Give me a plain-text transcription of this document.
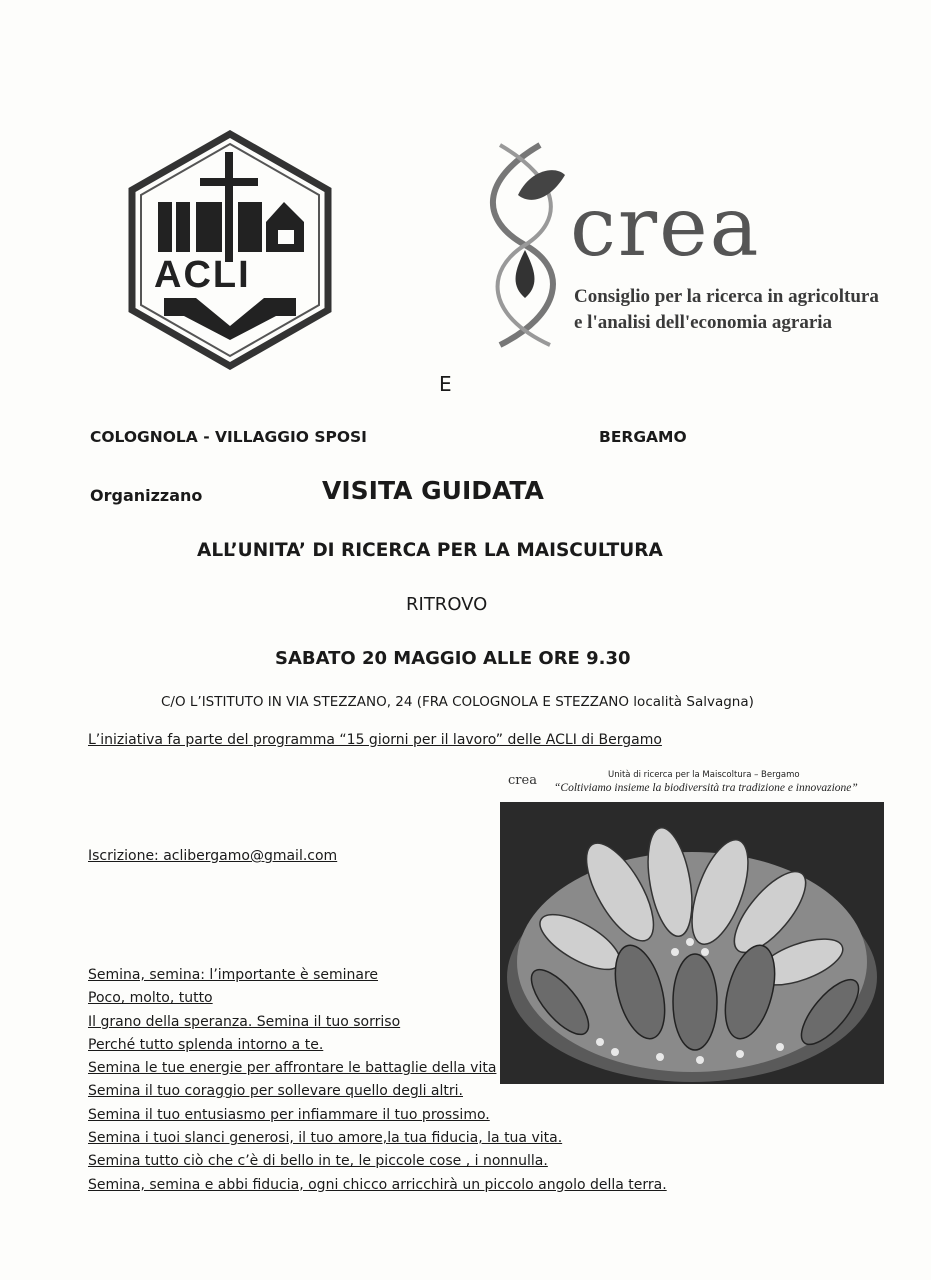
ACLI	crea
Consiglio per la ricerca in agricoltura
e l'analisi dell'economia agraria
E
COLOGNOLA - VILLAGGIO SPOSI	BERGAMO
Organizzano	VISITA GUIDATA
ALL’UNITA’ DI RICERCA PER LA MAISCULTURA
RITROVO
SABATO 20 MAGGIO ALLE ORE 9.30
C/O L’ISTITUTO IN VIA STEZZANO, 24 (FRA COLOGNOLA E STEZZANO località Salvagna)
L’iniziativa fa parte del programma “15 giorni per il lavoro” delle ACLI di Bergamo
Iscrizione: aclibergamo@gmail.com
crea	Unità di ricerca per la Maiscoltura – Bergamo
“Coltiviamo insieme la biodiversità tra tradizione e innovazione”
Semina, semina: l’importante è seminare
Poco, molto, tutto
Il grano della speranza. Semina il tuo sorriso
Perché tutto splenda intorno a te.
Semina le tue energie per affrontare le battaglie della vita
Semina il tuo coraggio per sollevare quello degli altri.
Semina il tuo entusiasmo per infiammare il tuo prossimo.
Semina i tuoi slanci generosi, il tuo amore,la tua fiducia, la tua vita.
Semina tutto ciò che c’è di bello in te, le piccole cose , i nonnulla.
Semina, semina e abbi fiducia, ogni chicco arricchirà un piccolo angolo della terra.
